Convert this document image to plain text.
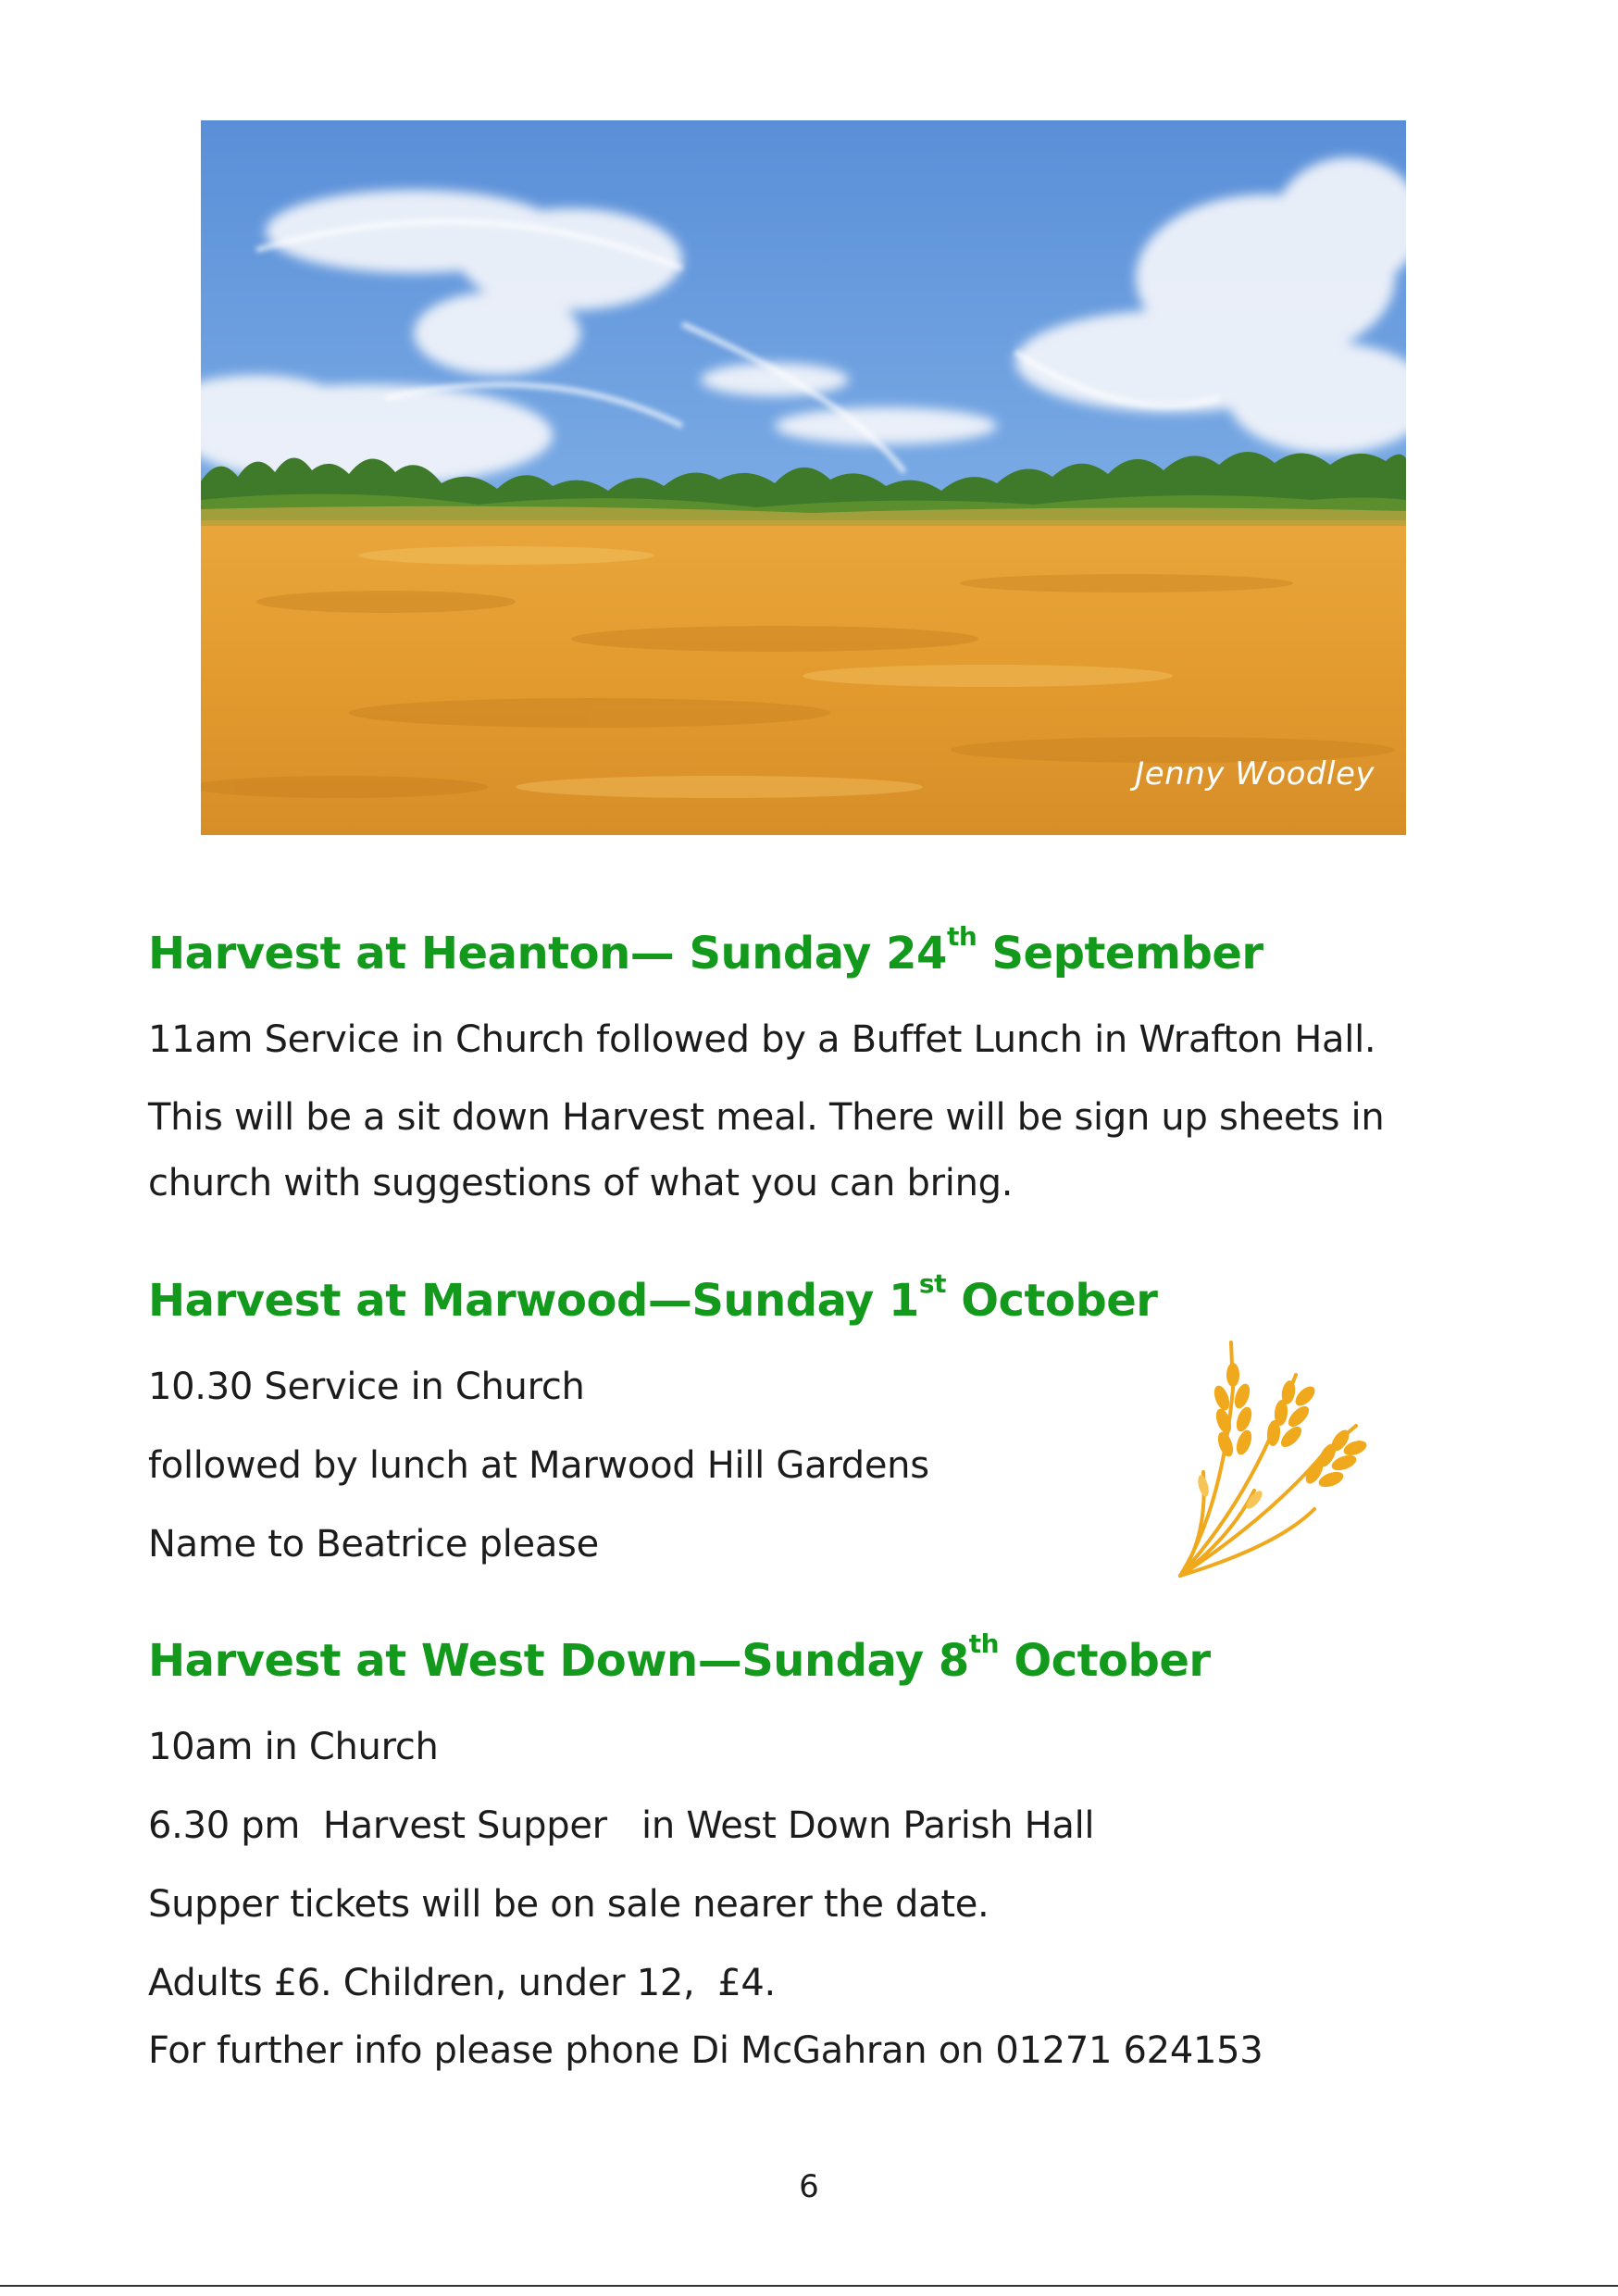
Jenny Woodley
Harvest at Heanton— Sunday 24th September

11am Service in Church followed by a Buffet Lunch in Wrafton Hall.

This will be a sit down Harvest meal. There will be sign up sheets in

church with suggestions of what you can bring.

Harvest at Marwood—Sunday 1st October

10.30 Service in Church

followed by lunch at Marwood Hill Gardens

Name to Beatrice please

Harvest at West Down—Sunday 8th October

10am in Church

6.30 pm  Harvest Supper   in West Down Parish Hall

Supper tickets will be on sale nearer the date.

Adults £6. Children, under 12,  £4.

For further info please phone Di McGahran on 01271 624153

6
